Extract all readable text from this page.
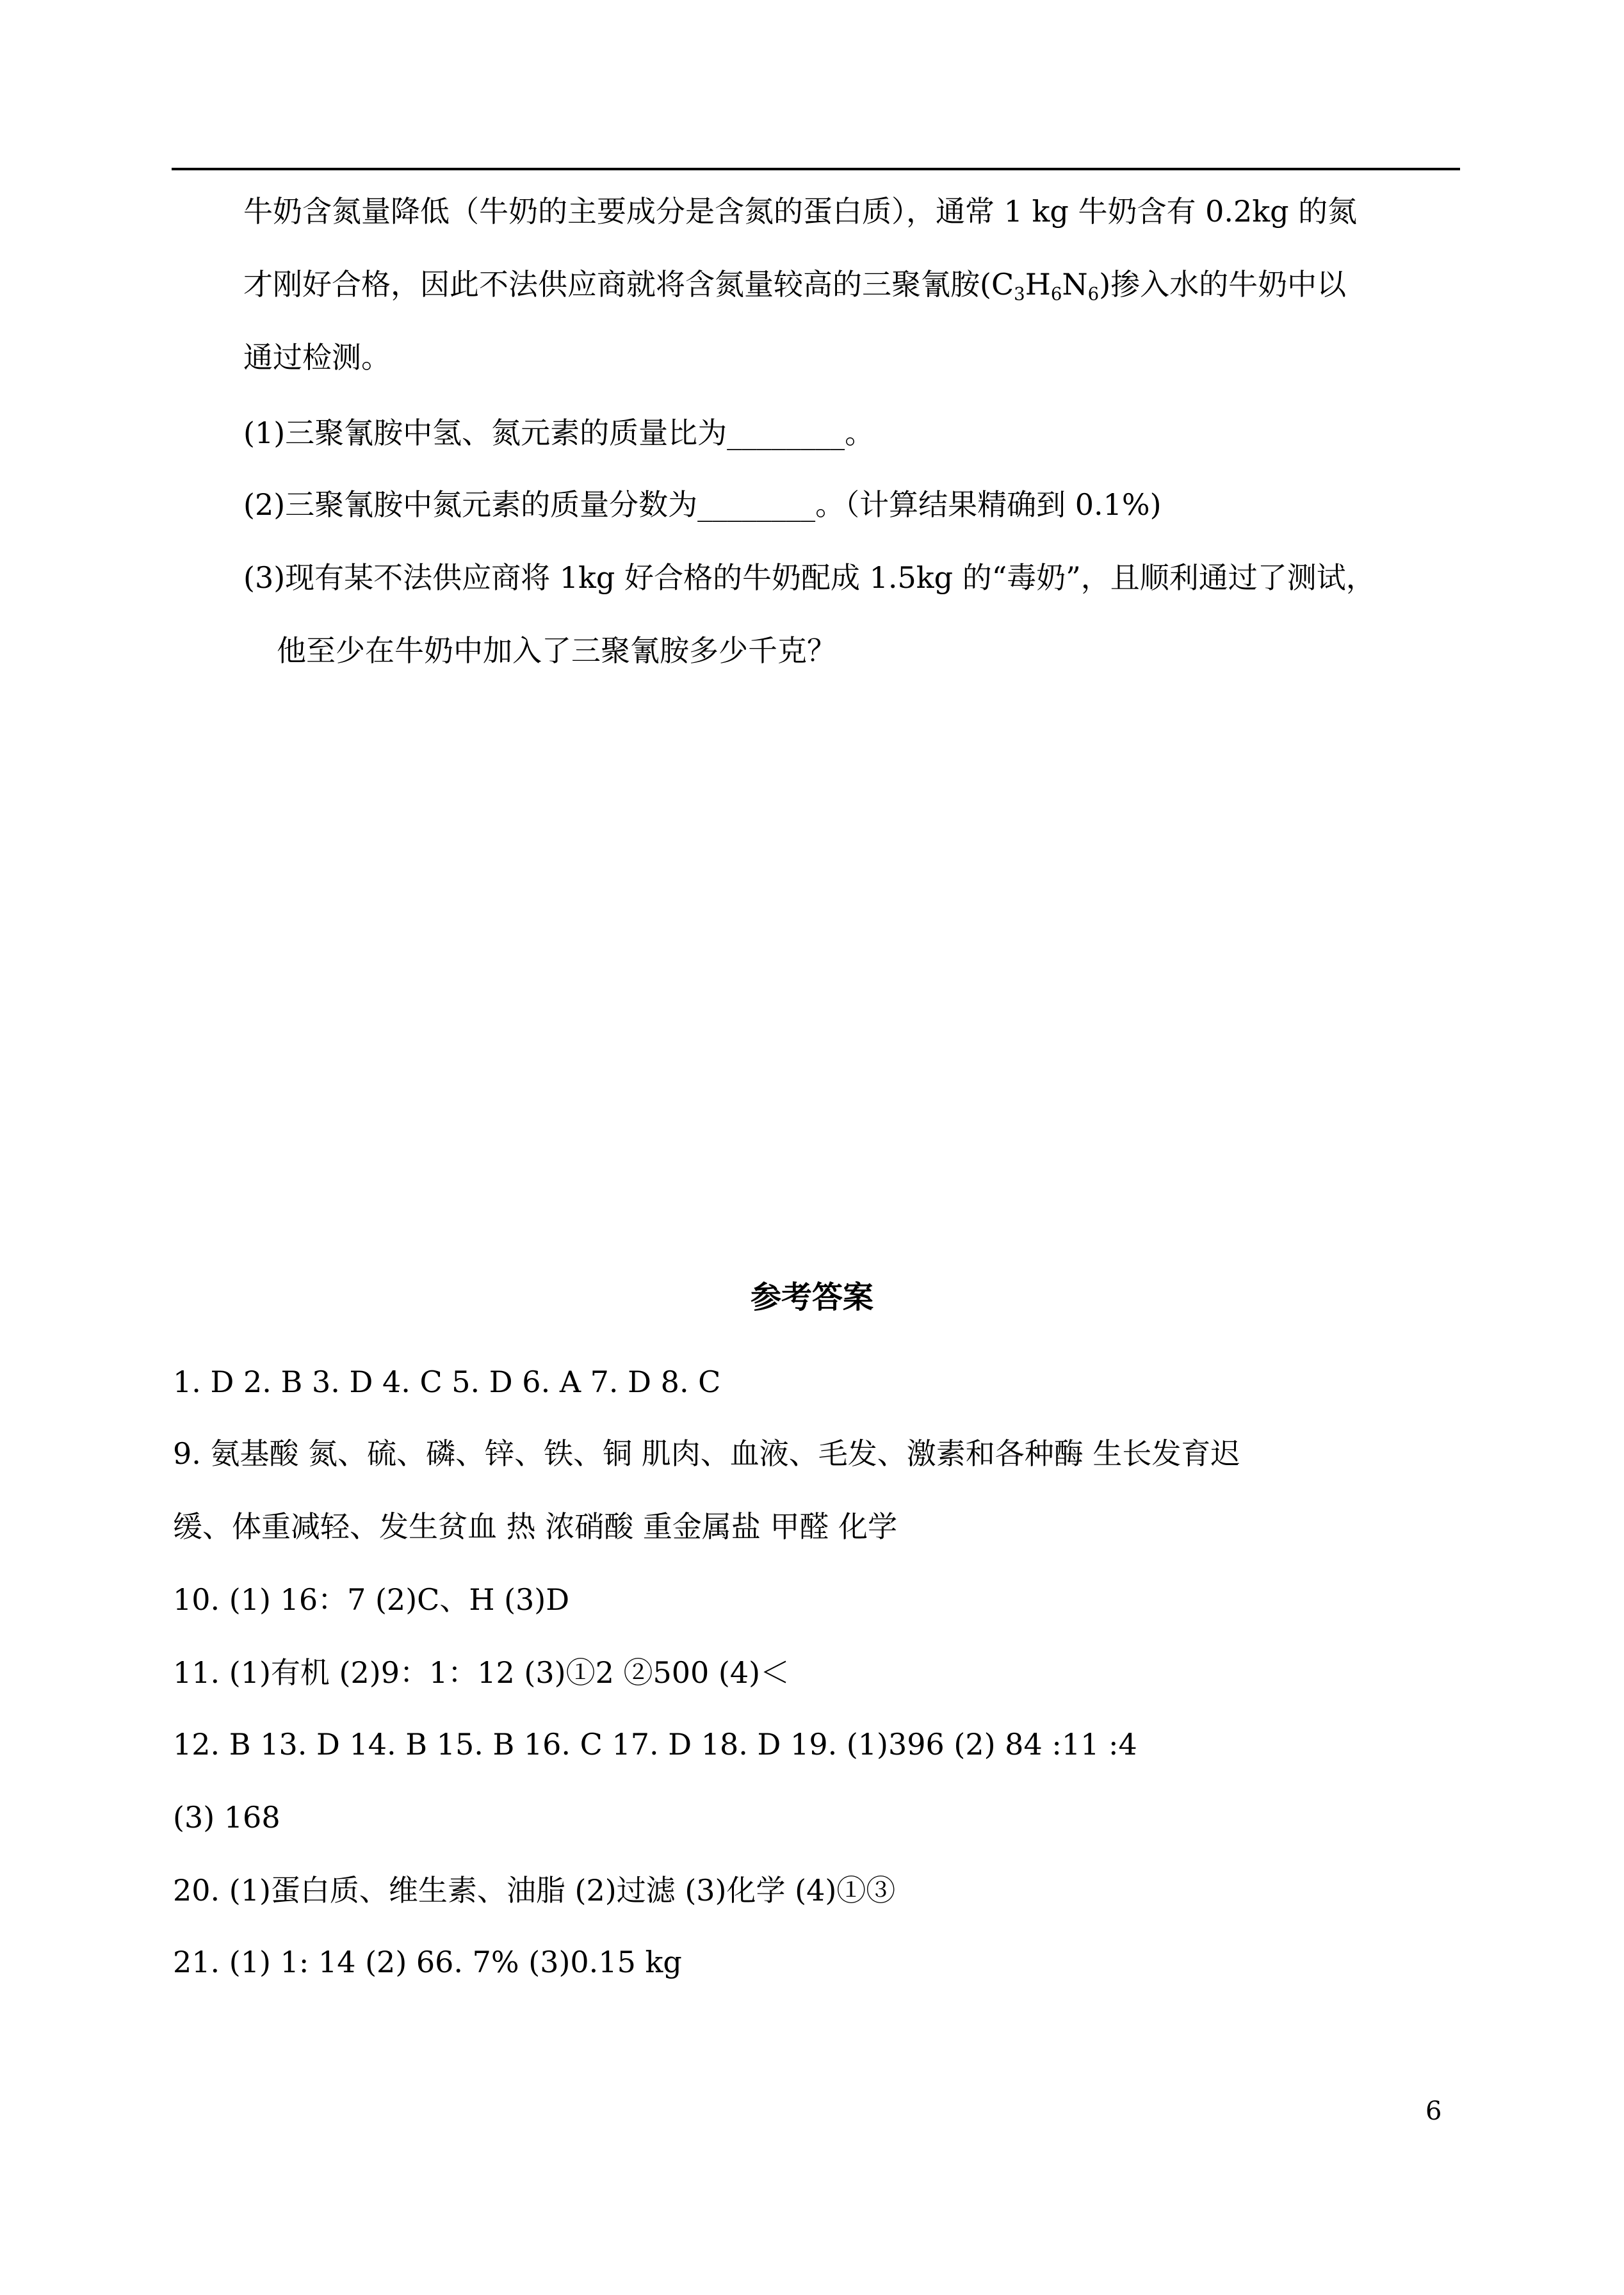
牛奶含氮量降低（牛奶的主要成分是含氮的蛋白质），通常 1 kg 牛奶含有 0.2kg 的氮
才刚好合格，因此不法供应商就将含氮量较高的三聚氰胺$(C_3H_6N_6)$掺入水的牛奶中以
通过检测。
(1)三聚氰胺中氢、氮元素的质量比为________。
(2)三聚氰胺中氮元素的质量分数为________。（计算结果精确到 0.1%)
(3)现有某不法供应商将 1kg 好合格的牛奶配成 1.5kg 的“毒奶”，且顺利通过了测试，
他至少在牛奶中加入了三聚氰胺多少千克？
参考答案
1. D 2. B 3. D 4. C 5. D 6. A 7. D 8. C
9. 氨基酸 氮、硫、磷、锌、铁、铜 肌肉、血液、毛发、激素和各种酶 生长发育迟
缓、体重减轻、发生贫血 热 浓硝酸 重金属盐 甲醛 化学
10. (1) 16：7 (2)C、H (3)D
11. (1)有机 (2)9：1：12 (3)①2 ②500 (4)＜
12. B 13. D 14. B 15. B 16. C 17. D 18. D 19. (1)396 (2) 84 :11 :4
(3) 168
20. (1)蛋白质、维生素、油脂 (2)过滤 (3)化学 (4)①③
21. (1) 1: 14 (2) 66. 7% (3)0.15 kg
6
